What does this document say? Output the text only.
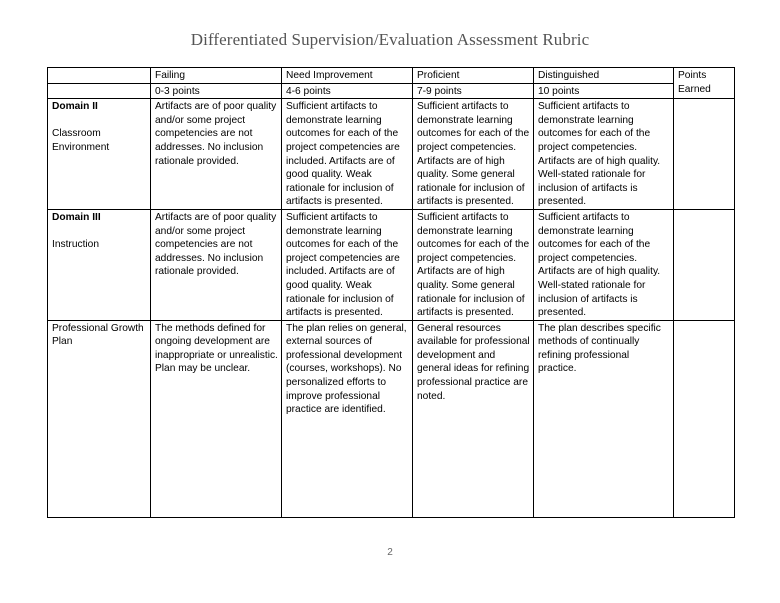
Differentiated Supervision/Evaluation Assessment Rubric
	Failing	Need Improvement	Proficient	Distinguished	Points
Earned
	0-3 points	4-6 points	7-9 points	10 points	

Domain II
Classroom Environment	Artifacts are of poor quality and/or some project competencies are not addresses. No inclusion rationale provided.	Sufficient artifacts to demonstrate learning outcomes for each of the project competencies are included. Artifacts are of good quality. Weak rationale for inclusion of artifacts is presented.	Sufficient artifacts to demonstrate learning outcomes for each of the project competencies. Artifacts are of high quality. Some general rationale for inclusion of artifacts is presented.	Sufficient artifacts to demonstrate learning outcomes for each of the project competencies. Artifacts are of high quality. Well-stated rationale for inclusion of artifacts is presented.	

Domain III
Instruction	Artifacts are of poor quality and/or some project competencies are not addresses. No inclusion rationale provided.	Sufficient artifacts to demonstrate learning outcomes for each of the project competencies are included. Artifacts are of good quality. Weak rationale for inclusion of artifacts is presented.	Sufficient artifacts to demonstrate learning outcomes for each of the project competencies. Artifacts are of high quality. Some general rationale for inclusion of artifacts is presented.	Sufficient artifacts to demonstrate learning outcomes for each of the project competencies. Artifacts are of high quality. Well-stated rationale for inclusion of artifacts is presented.	
Professional Growth Plan	The methods defined for ongoing development are inappropriate or unrealistic. Plan may be unclear.	The plan relies on general, external sources of professional development (courses, workshops). No personalized efforts to improve professional practice are identified.	General resources available for professional development and general ideas for refining professional practice are noted.	The plan describes specific methods of continually refining professional practice.	
2
